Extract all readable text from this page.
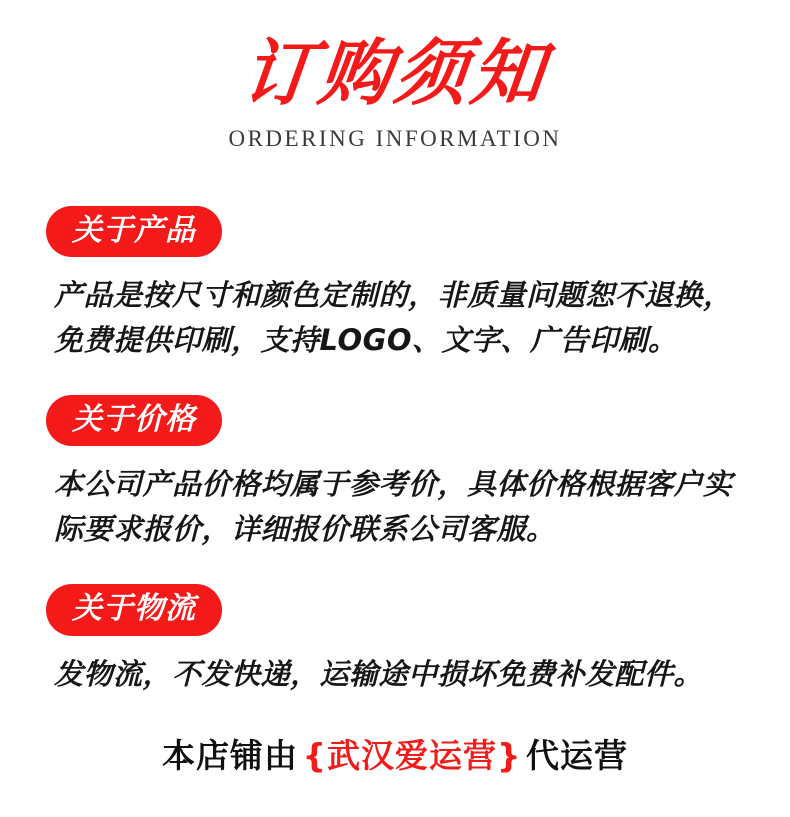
订购须知
ORDERING INFORMATION
关于产品
产品是按尺寸和颜色定制的，非质量问题恕不退换，免费提供印刷，支持LOGO、文字、广告印刷。
关于价格
本公司产品价格均属于参考价，具体价格根据客户实际要求报价，详细报价联系公司客服。
关于物流
发物流，不发快递，运输途中损坏免费补发配件。
本店铺由 {武汉爱运营} 代运营
